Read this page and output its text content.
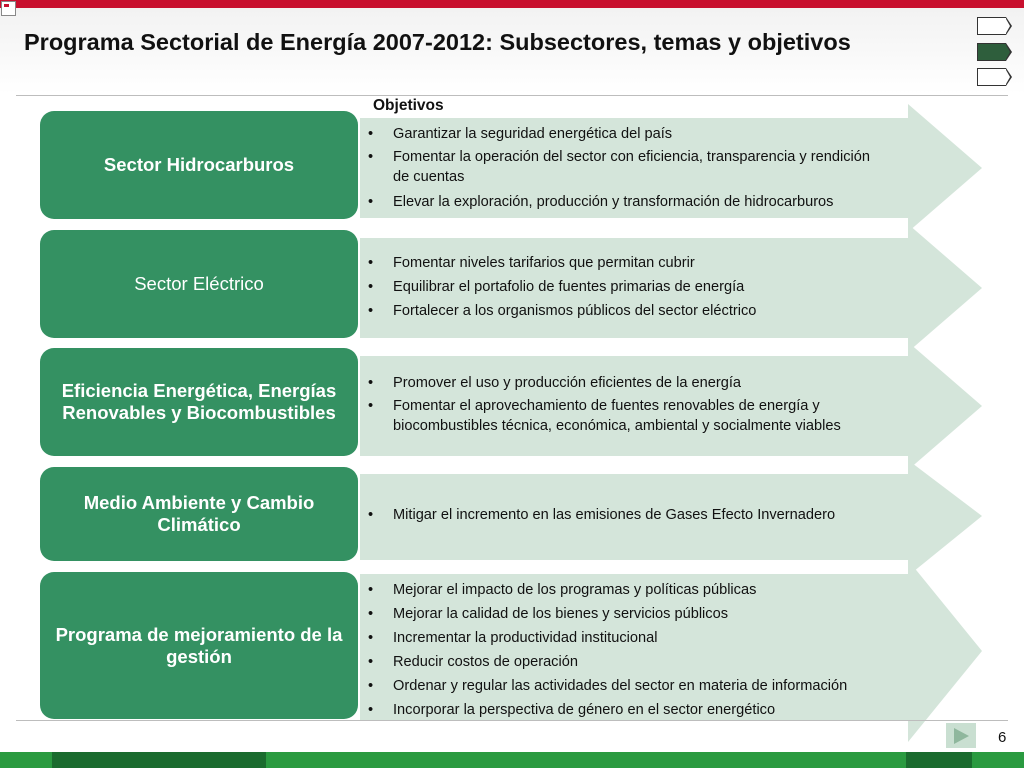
Programa Sectorial de Energía 2007-2012: Subsectores, temas y objetivos
Objetivos
Sector Hidrocarburos
Sector Eléctrico
Eficiencia Energética, Energías Renovables y Biocombustibles
Medio Ambiente y Cambio Climático
Programa de mejoramiento de la gestión
• Garantizar la seguridad energética del país
• Fomentar la operación del sector con eficiencia, transparencia y rendición de cuentas
• Elevar la exploración, producción y transformación de hidrocarburos
• Fomentar niveles tarifarios que permitan cubrir
• Equilibrar el portafolio de fuentes primarias de energía
• Fortalecer a los organismos públicos del sector eléctrico
• Promover el uso y producción eficientes de la energía
• Fomentar el aprovechamiento de fuentes renovables de energía y biocombustibles técnica, económica, ambiental y socialmente viables
• Mitigar el incremento en las emisiones de Gases Efecto Invernadero
• Mejorar el impacto de los programas y políticas públicas
• Mejorar la calidad de los bienes y servicios públicos
• Incrementar la productividad institucional
• Reducir costos de operación
• Ordenar y regular las actividades del sector en materia de información
• Incorporar la perspectiva de género en el sector energético
6
